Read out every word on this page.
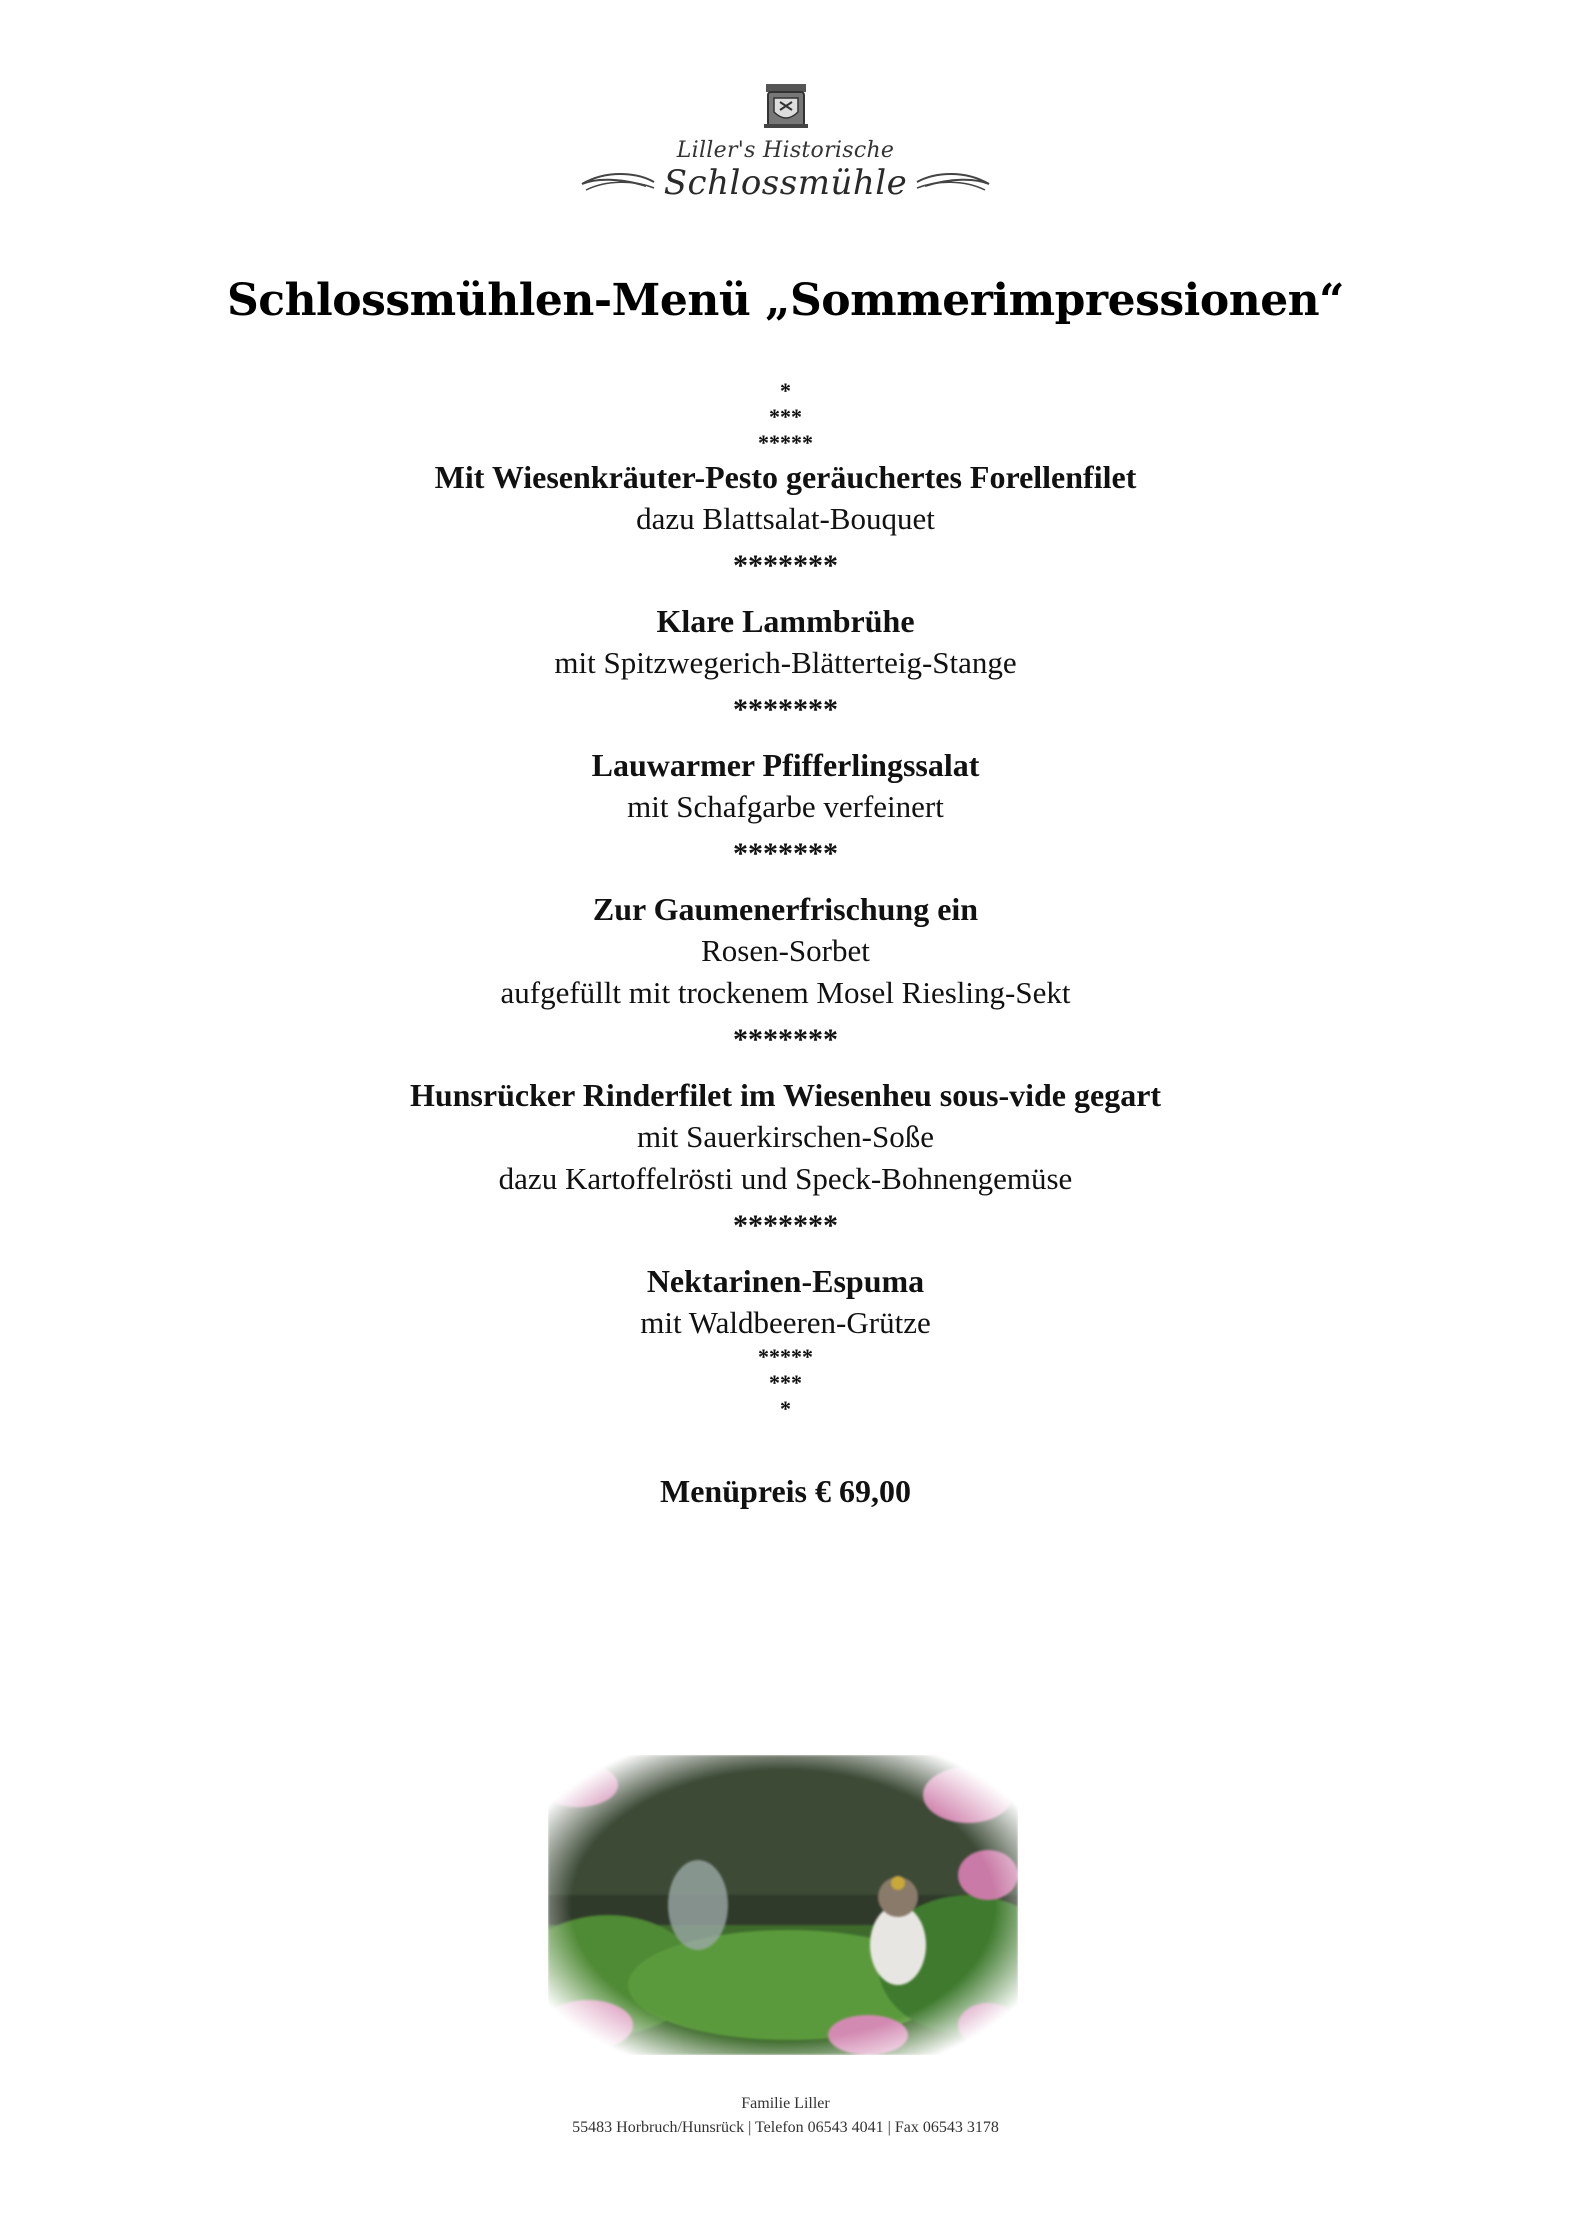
Liller's Historische
Schlossmühle
Schlossmühlen-Menü „Sommerimpressionen“
*
***
*****
Mit Wiesenkräuter-Pesto geräuchertes Forellenfilet
dazu Blattsalat-Bouquet
*******
Klare Lammbrühe
mit Spitzwegerich-Blätterteig-Stange
*******
Lauwarmer Pfifferlingssalat
mit Schafgarbe verfeinert
*******
Zur Gaumenerfrischung ein
Rosen-Sorbet
aufgefüllt mit trockenem Mosel Riesling-Sekt
*******
Hunsrücker Rinderfilet im Wiesenheu sous-vide gegart
mit Sauerkirschen-Soße
dazu Kartoffelrösti und Speck-Bohnengemüse
*******
Nektarinen-Espuma
mit Waldbeeren-Grütze
*****
***
*
Menüpreis € 69,00
Familie Liller
55483 Horbruch/Hunsrück | Telefon 06543 4041 | Fax 06543 3178
